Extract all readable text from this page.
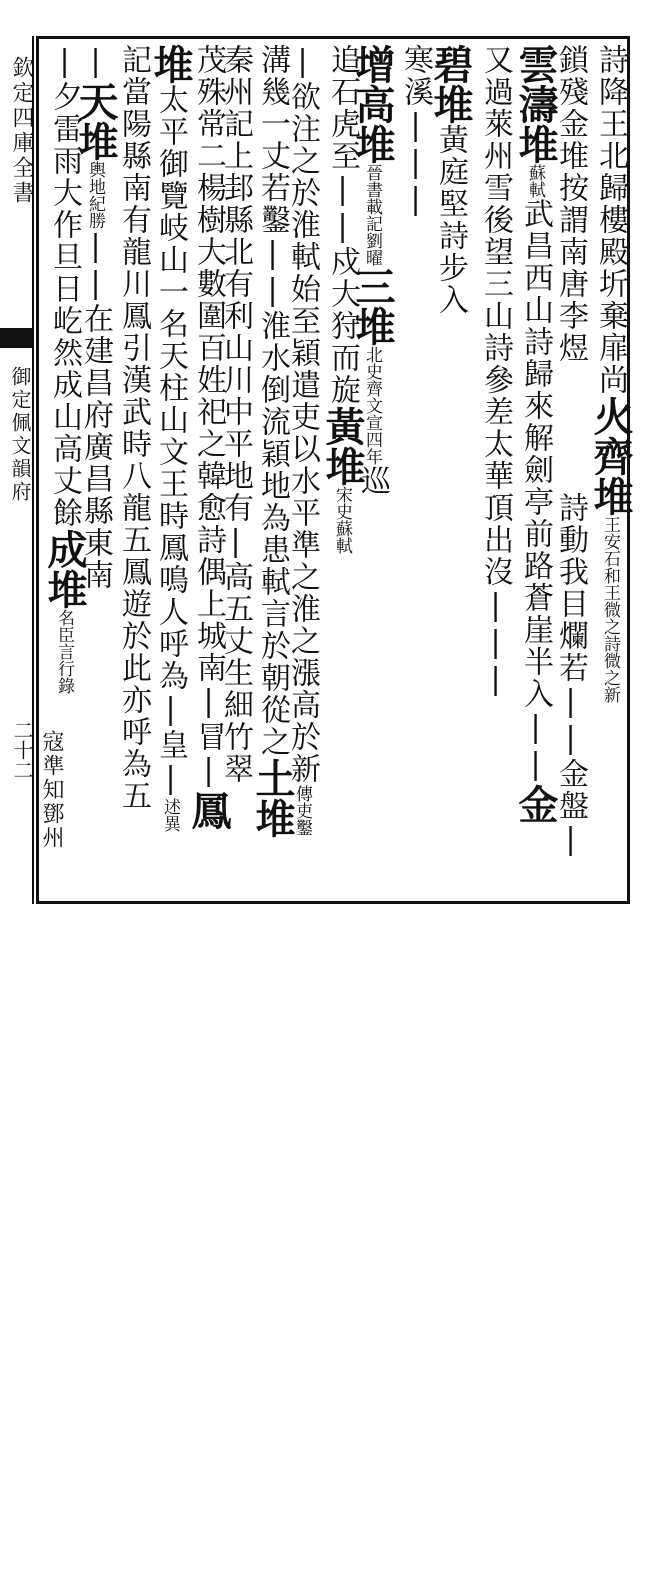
欽定四庫全書
御定佩文韻府
二十二
詩降王北歸樓殿圻棄扉尚火齊堆王安石和王微之詩微之新
鎖殘金堆按謂南唐李煜　　　　詩動我目爛若||金盤|
雲濤堆蘇軾武昌西山詩歸來解劍亭前路蒼崖半入||金
又過萊州雪後望三山詩參差太華頂出沒|||
碧堆黃庭堅詩步入
寒溪|||
增高堆晉書載記劉曜三堆北史齊文宣四年巡
追石虎至||戍大狩而旋黃堆宋史蘇軾
|欲注之於淮軾始至穎遣吏以水平準之淮之漲高於新傳吏鑿
溝幾一丈若鑿||淮水倒流穎地為患軾言於朝從之土堆
秦州記上邽縣北有利山川中平地有|高五丈生細竹翠
茂殊常二楊樹大數圍百姓祀之韓愈詩偶上城南|冒|鳳
堆太平御覽岐山一名天柱山文王時鳳鳴人呼為|皇|述異
記當陽縣南有龍川鳳引漢武時八龍五鳳遊於此亦呼為五
|天堆輿地紀勝||在建昌府廣昌縣東南
|夕雷雨大作旦日屹然成山高丈餘成堆名臣言行錄
寇準知鄧州
